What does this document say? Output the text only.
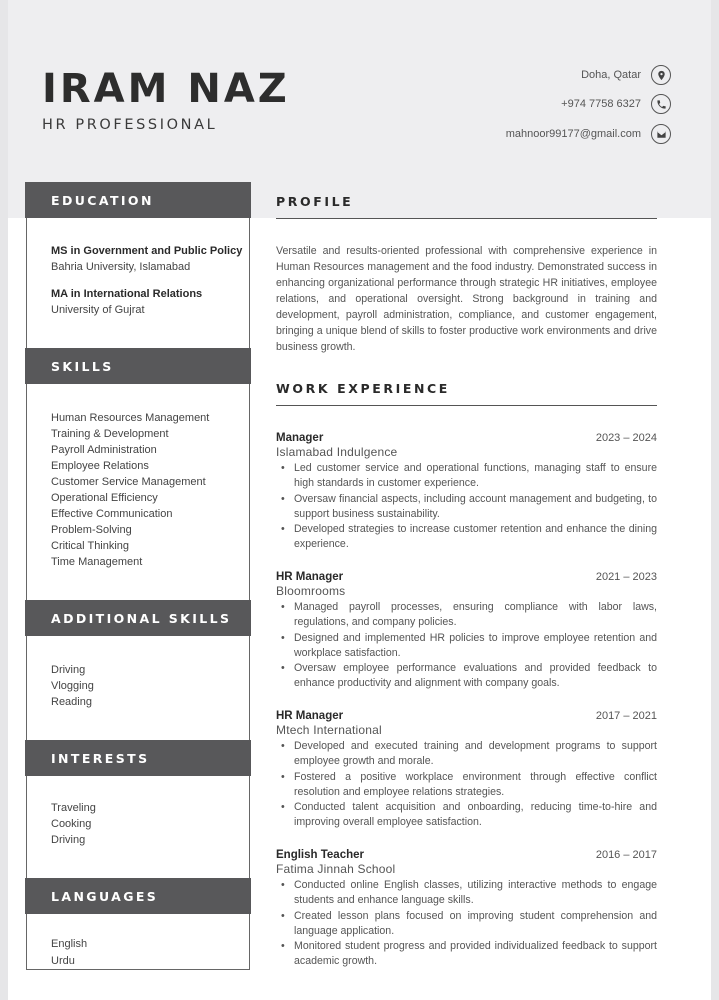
IRAM NAZ
HR PROFESSIONAL
Doha, Qatar
+974 7758 6327
mahnoor99177@gmail.com
EDUCATION
MS in Government and Public Policy
Bahria University, Islamabad
MA in International Relations
University of Gujrat
SKILLS
Human Resources Management
Training & Development
Payroll Administration
Employee Relations
Customer Service Management
Operational Efficiency
Effective Communication
Problem-Solving
Critical Thinking
Time Management
ADDITIONAL SKILLS
Driving
Vlogging
Reading
INTERESTS
Traveling
Cooking
Driving
LANGUAGES
English
Urdu
PROFILE
Versatile and results-oriented professional with comprehensive experience in Human Resources management and the food industry. Demonstrated success in enhancing organizational performance through strategic HR initiatives, employee relations, and operational oversight. Strong background in training and development, payroll administration, compliance, and customer engagement, bringing a unique blend of skills to foster productive work environments and drive business growth.
WORK EXPERIENCE
Manager	2023 – 2024
Islamabad Indulgence
• Led customer service and operational functions, managing staff to ensure high standards in customer experience.
• Oversaw financial aspects, including account management and budgeting, to support business sustainability.
• Developed strategies to increase customer retention and enhance the dining experience.
HR Manager	2021 – 2023
Bloomrooms
• Managed payroll processes, ensuring compliance with labor laws, regulations, and company policies.
• Designed and implemented HR policies to improve employee retention and workplace satisfaction.
• Oversaw employee performance evaluations and provided feedback to enhance productivity and alignment with company goals.
HR Manager	2017 – 2021
Mtech International
• Developed and executed training and development programs to support employee growth and morale.
• Fostered a positive workplace environment through effective conflict resolution and employee relations strategies.
• Conducted talent acquisition and onboarding, reducing time-to-hire and improving overall employee satisfaction.
English Teacher	2016 – 2017
Fatima Jinnah School
• Conducted online English classes, utilizing interactive methods to engage students and enhance language skills.
• Created lesson plans focused on improving student comprehension and language application.
• Monitored student progress and provided individualized feedback to support academic growth.
